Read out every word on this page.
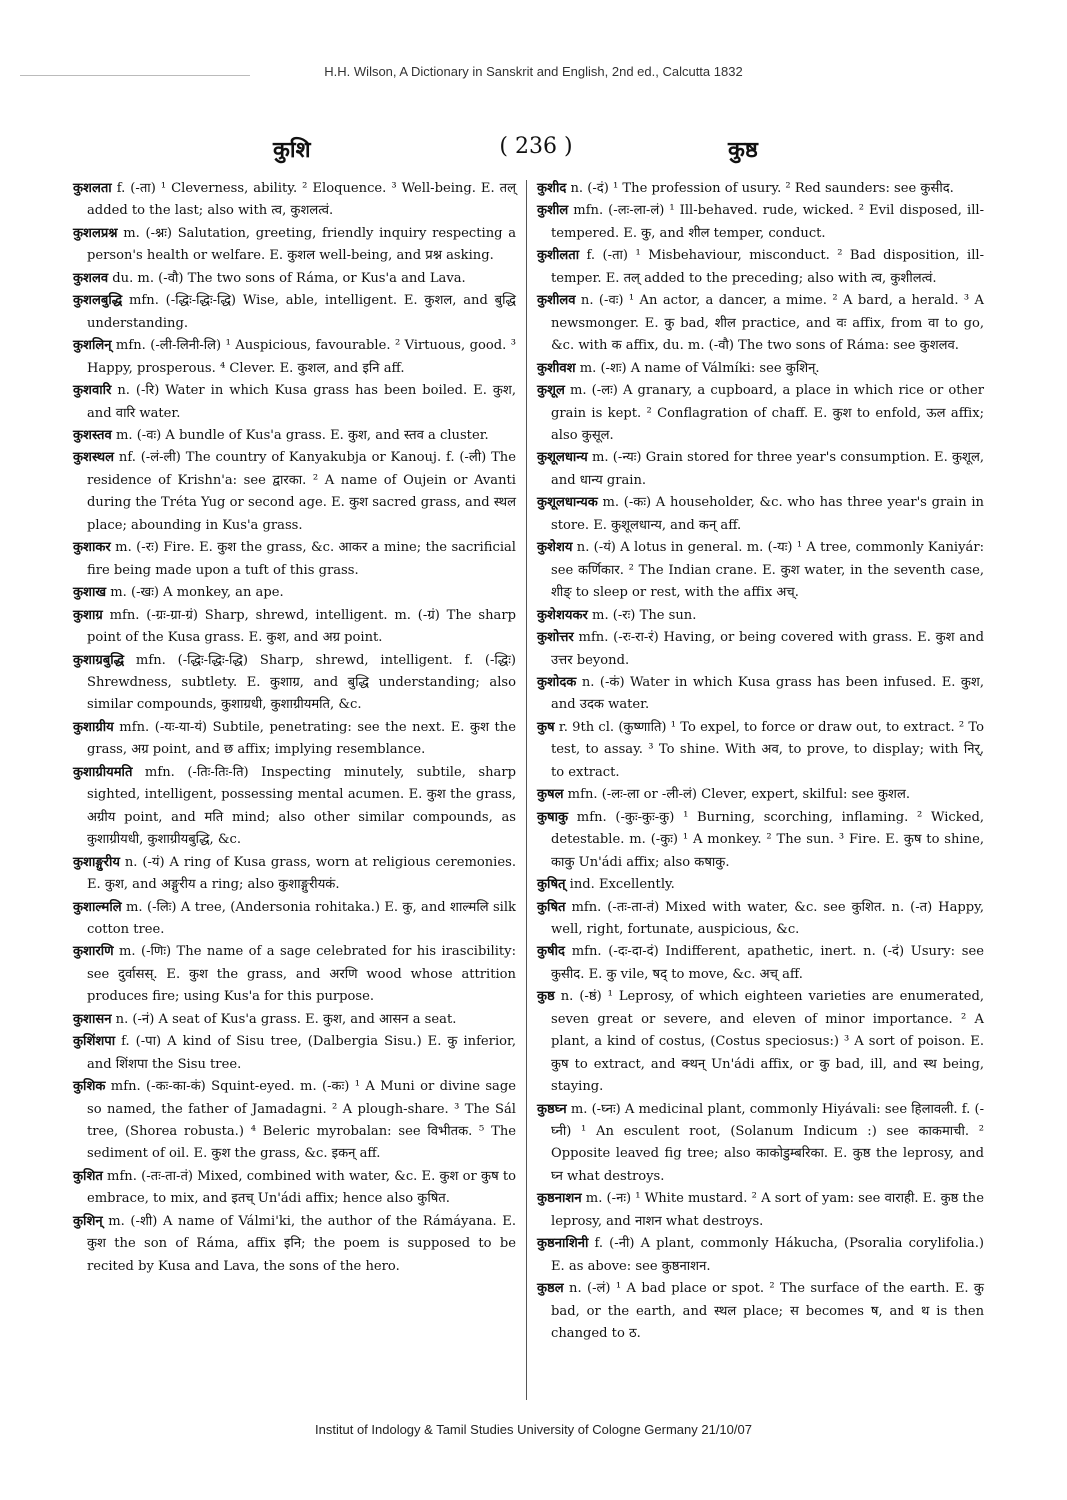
H.H. Wilson, A Dictionary in Sanskrit and English, 2nd ed., Calcutta 1832
कुशि	( 236 )	कुष्ठ
कुशलता f. (-ता) ¹ Cleverness, ability. ² Eloquence. ³ Well-being. E. तल् added to the last; also with त्व, कुशलत्वं.
कुशलप्रश्न m. (-श्नः) Salutation, greeting, friendly inquiry respecting a person's health or welfare. E. कुशल well-being, and प्रश्न asking.
कुशलव du. m. (-वौ) The two sons of Ráma, or Kus'a and Lava.
कुशलबुद्धि mfn. (-द्धिः-द्धिः-द्धि) Wise, able, intelligent. E. कुशल, and बुद्धि understanding.
कुशलिन् mfn. (-ली-लिनी-लि) ¹ Auspicious, favourable. ² Virtuous, good. ³ Happy, prosperous. ⁴ Clever. E. कुशल, and इनि aff.
कुशवारि n. (-रि) Water in which Kusa grass has been boiled. E. कुश, and वारि water.
कुशस्तव m. (-वः) A bundle of Kus'a grass. E. कुश, and स्तव a cluster.
कुशस्थल nf. (-लं-ली) The country of Kanyakubja or Kanouj. f. (-ली) The residence of Krishn'a: see द्वारका. ² A name of Oujein or Avanti during the Tréta Yug or second age. E. कुश sacred grass, and स्थल place; abounding in Kus'a grass.
कुशाकर m. (-रः) Fire. E. कुश the grass, &c. आकर a mine; the sacrificial fire being made upon a tuft of this grass.
कुशाख m. (-खः) A monkey, an ape.
कुशाग्र mfn. (-ग्रः-ग्रा-ग्रं) Sharp, shrewd, intelligent. m. (-ग्रं) The sharp point of the Kusa grass. E. कुश, and अग्र point.
कुशाग्रबुद्धि mfn. (-द्धिः-द्धिः-द्धि) Sharp, shrewd, intelligent. f. (-द्धिः) Shrewdness, subtlety. E. कुशाग्र, and बुद्धि understanding; also similar compounds, कुशाग्रधी, कुशाग्रीयमति, &c.
कुशाग्रीय mfn. (-यः-या-यं) Subtile, penetrating: see the next. E. कुश the grass, अग्र point, and छ affix; implying resemblance.
कुशाग्रीयमति mfn. (-तिः-तिः-ति) Inspecting minutely, subtile, sharp sighted, intelligent, possessing mental acumen. E. कुश the grass, अग्रीय point, and मति mind; also other similar compounds, as कुशाग्रीयधी, कुशाग्रीयबुद्धि, &c.
कुशाङ्गुरीय n. (-यं) A ring of Kusa grass, worn at religious ceremonies. E. कुश, and अङ्गुरीय a ring; also कुशाङ्गुरीयकं.
कुशाल्मलि m. (-लिः) A tree, (Andersonia rohitaka.) E. कु, and शाल्मलि silk cotton tree.
कुशारणि m. (-णिः) The name of a sage celebrated for his irascibility: see दुर्वासस्. E. कुश the grass, and अरणि wood whose attrition produces fire; using Kus'a for this purpose.
कुशासन n. (-नं) A seat of Kus'a grass. E. कुश, and आसन a seat.
कुशिंशपा f. (-पा) A kind of Sisu tree, (Dalbergia Sisu.) E. कु inferior, and शिंशपा the Sisu tree.
कुशिक mfn. (-कः-का-कं) Squint-eyed. m. (-कः) ¹ A Muni or divine sage so named, the father of Jamadagni. ² A plough-share. ³ The Sál tree, (Shorea robusta.) ⁴ Beleric myrobalan: see विभीतक. ⁵ The sediment of oil. E. कुश the grass, &c. इकन् aff.
कुशित mfn. (-तः-ता-तं) Mixed, combined with water, &c. E. कुश or कुष to embrace, to mix, and इतच् Un'ádi affix; hence also कुषित.
कुशिन् m. (-शी) A name of Válmi'ki, the author of the Rámáyana. E. कुश the son of Ráma, affix इनि; the poem is supposed to be recited by Kusa and Lava, the sons of the hero.
कुशीद n. (-दं) ¹ The profession of usury. ² Red saunders: see कुसीद.
कुशील mfn. (-लः-ला-लं) ¹ Ill-behaved. rude, wicked. ² Evil disposed, ill-tempered. E. कु, and शील temper, conduct.
कुशीलता f. (-ता) ¹ Misbehaviour, misconduct. ² Bad disposition, ill-temper. E. तल् added to the preceding; also with त्व, कुशीलत्वं.
कुशीलव n. (-वः) ¹ An actor, a dancer, a mime. ² A bard, a herald. ³ A newsmonger. E. कु bad, शील practice, and वः affix, from वा to go, &c. with क affix, du. m. (-वौ) The two sons of Ráma: see कुशलव.
कुशीवश m. (-शः) A name of Válmíki: see कुशिन्.
कुशूल m. (-लः) A granary, a cupboard, a place in which rice or other grain is kept. ² Conflagration of chaff. E. कुश to enfold, ऊल affix; also कुसूल.
कुशूलधान्य m. (-न्यः) Grain stored for three year's consumption. E. कुशूल, and धान्य grain.
कुशूलधान्यक m. (-कः) A householder, &c. who has three year's grain in store. E. कुशूलधान्य, and कन् aff.
कुशेशय n. (-यं) A lotus in general. m. (-यः) ¹ A tree, commonly Kaniyár: see कर्णिकार. ² The Indian crane. E. कुश water, in the seventh case, शीङ् to sleep or rest, with the affix अच्.
कुशेशयकर m. (-रः) The sun.
कुशोत्तर mfn. (-रः-रा-रं) Having, or being covered with grass. E. कुश and उत्तर beyond.
कुशोदक n. (-कं) Water in which Kusa grass has been infused. E. कुश, and उदक water.
कुष r. 9th cl. (कुष्णाति) ¹ To expel, to force or draw out, to extract. ² To test, to assay. ³ To shine. With अव, to prove, to display; with निर्, to extract.
कुषल mfn. (-लः-ला or -ली-लं) Clever, expert, skilful: see कुशल.
कुषाकु mfn. (-कुः-कुः-कु) ¹ Burning, scorching, inflaming. ² Wicked, detestable. m. (-कुः) ¹ A monkey. ² The sun. ³ Fire. E. कुष to shine, काकु Un'ádi affix; also कषाकु.
कुषित् ind. Excellently.
कुषित mfn. (-तः-ता-तं) Mixed with water, &c. see कुशित. n. (-त) Happy, well, right, fortunate, auspicious, &c.
कुषीद mfn. (-दः-दा-दं) Indifferent, apathetic, inert. n. (-दं) Usury: see कुसीद. E. कु vile, षद् to move, &c. अच् aff.
कुष्ठ n. (-ष्ठं) ¹ Leprosy, of which eighteen varieties are enumerated, seven great or severe, and eleven of minor importance. ² A plant, a kind of costus, (Costus speciosus:) ³ A sort of poison. E. कुष to extract, and क्थन् Un'ádi affix, or कु bad, ill, and स्थ being, staying.
कुष्ठघ्न m. (-घ्नः) A medicinal plant, commonly Hiyávali: see हिलावली. f. (-घ्नी) ¹ An esculent root, (Solanum Indicum :) see काकमाची. ² Opposite leaved fig tree; also काकोडुम्बरिका. E. कुष्ठ the leprosy, and घ्न what destroys.
कुष्ठनाशन m. (-नः) ¹ White mustard. ² A sort of yam: see वाराही. E. कुष्ठ the leprosy, and नाशन what destroys.
कुष्ठनाशिनी f. (-नी) A plant, commonly Hákucha, (Psoralia corylifolia.) E. as above: see कुष्ठनाशन.
कुष्ठल n. (-लं) ¹ A bad place or spot. ² The surface of the earth. E. कु bad, or the earth, and स्थल place; स becomes ष, and थ is then changed to ठ.
Institut of Indology & Tamil Studies University of Cologne Germany 21/10/07
